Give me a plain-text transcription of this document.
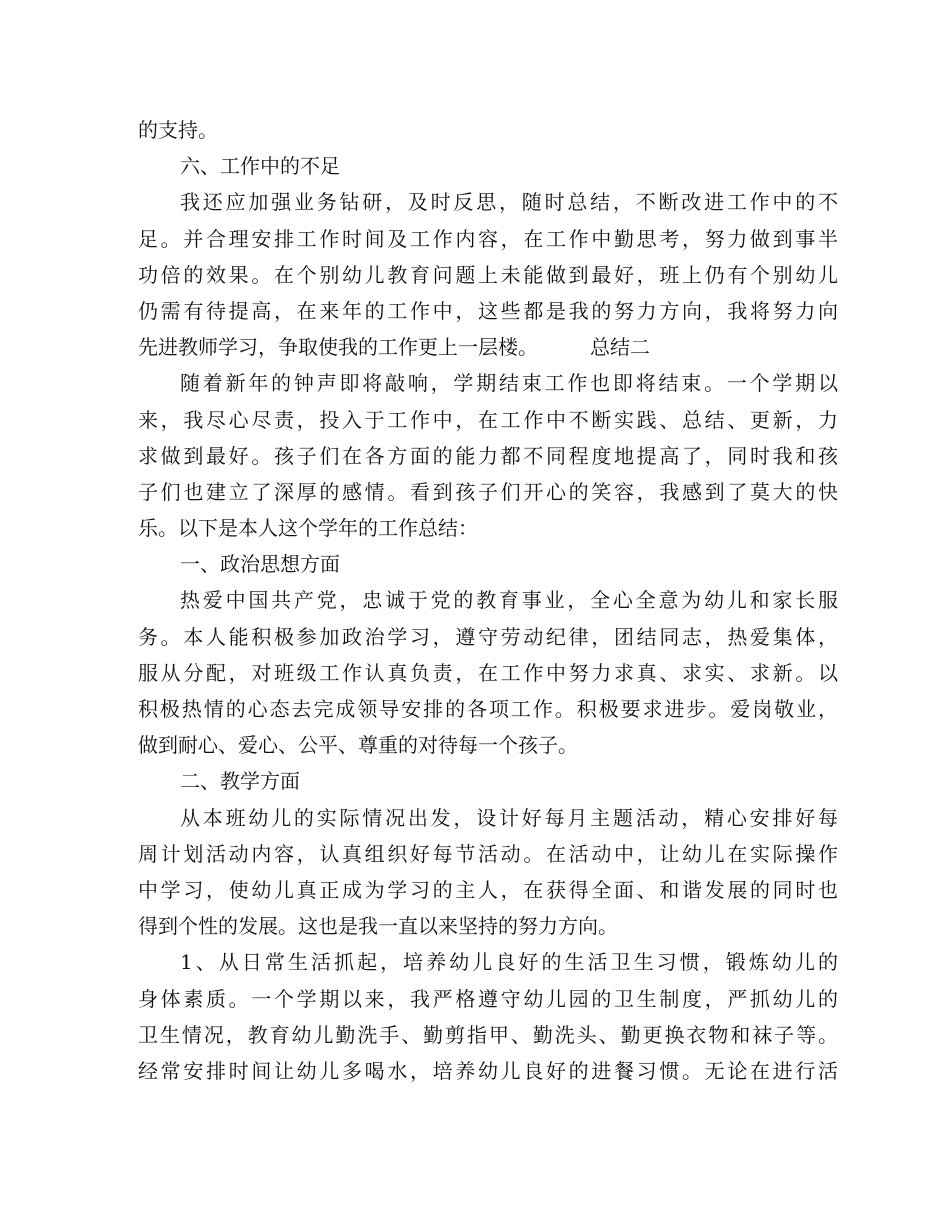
的支持。
六、工作中的不足
我还应加强业务钻研，及时反思，随时总结，不断改进工作中的不
足。并合理安排工作时间及工作内容，在工作中勤思考，努力做到事半
功倍的效果。在个别幼儿教育问题上未能做到最好，班上仍有个别幼儿
仍需有待提高，在来年的工作中，这些都是我的努力方向，我将努力向
先进教师学习，争取使我的工作更上一层楼。	总结二
随着新年的钟声即将敲响，学期结束工作也即将结束。一个学期以
来，我尽心尽责，投入于工作中，在工作中不断实践、总结、更新，力
求做到最好。孩子们在各方面的能力都不同程度地提高了，同时我和孩
子们也建立了深厚的感情。看到孩子们开心的笑容，我感到了莫大的快
乐。以下是本人这个学年的工作总结：
一、政治思想方面
热爱中国共产党，忠诚于党的教育事业，全心全意为幼儿和家长服
务。本人能积极参加政治学习，遵守劳动纪律，团结同志，热爱集体，
服从分配，对班级工作认真负责，在工作中努力求真、求实、求新。以
积极热情的心态去完成领导安排的各项工作。积极要求进步。爱岗敬业，
做到耐心、爱心、公平、尊重的对待每一个孩子。
二、教学方面
从本班幼儿的实际情况出发，设计好每月主题活动，精心安排好每
周计划活动内容，认真组织好每节活动。在活动中，让幼儿在实际操作
中学习，使幼儿真正成为学习的主人，在获得全面、和谐发展的同时也
得到个性的发展。这也是我一直以来坚持的努力方向。
1、从日常生活抓起，培养幼儿良好的生活卫生习惯，锻炼幼儿的
身体素质。一个学期以来，我严格遵守幼儿园的卫生制度，严抓幼儿的
卫生情况，教育幼儿勤洗手、勤剪指甲、勤洗头、勤更换衣物和袜子等。
经常安排时间让幼儿多喝水，培养幼儿良好的进餐习惯。无论在进行活
